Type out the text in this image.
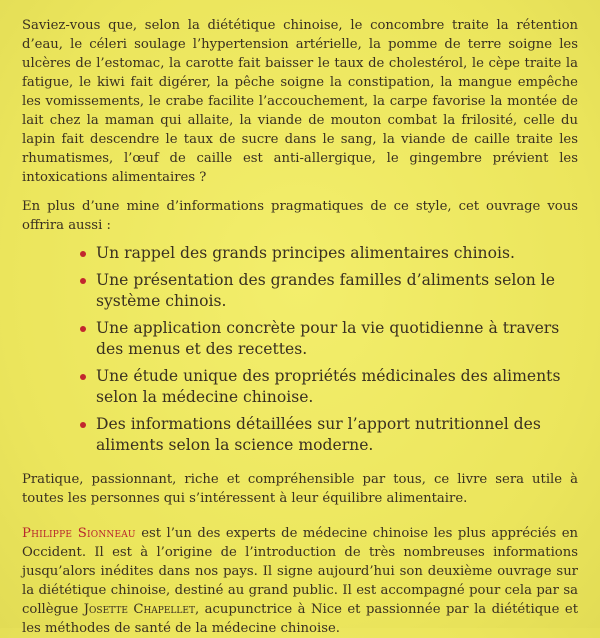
Saviez-vous que, selon la diététique chinoise, le concombre traite la rétention d’eau, le céleri soulage l’hypertension artérielle, la pomme de terre soigne les ulcères de l’estomac, la carotte fait baisser le taux de cholestérol, le cèpe traite la fatigue, le kiwi fait digérer, la pêche soigne la constipation, la mangue empêche les vomissements, le crabe facilite l’accouchement, la carpe favorise la montée de lait chez la maman qui allaite, la viande de mouton combat la frilosité, celle du lapin fait descendre le taux de sucre dans le sang, la viande de caille traite les rhumatismes, l’œuf de caille est anti-allergique, le gingembre prévient les intoxications alimentaires ?

En plus d’une mine d’informations pragmatiques de ce style, cet ouvrage vous offrira aussi :

Un rappel des grands principes alimentaires chinois.
Une présentation des grandes familles d’aliments selon le système chinois.
Une application concrète pour la vie quotidienne à travers des menus et des recettes.
Une étude unique des propriétés médicinales des aliments selon la médecine chinoise.
Des informations détaillées sur l’apport nutritionnel des aliments selon la science moderne.

Pratique, passionnant, riche et compréhensible par tous, ce livre sera utile à toutes les personnes qui s’intéressent à leur équilibre alimentaire.

Philippe Sionneau est l’un des experts de médecine chinoise les plus appréciés en Occident. Il est à l’origine de l’introduction de très nombreuses informations jusqu’alors inédites dans nos pays. Il signe aujourd’hui son deuxième ouvrage sur la diététique chinoise, destiné au grand public. Il est accompagné pour cela par sa collègue Josette Chapellet, acupunctrice à Nice et passionnée par la diététique et les méthodes de santé de la médecine chinoise.
